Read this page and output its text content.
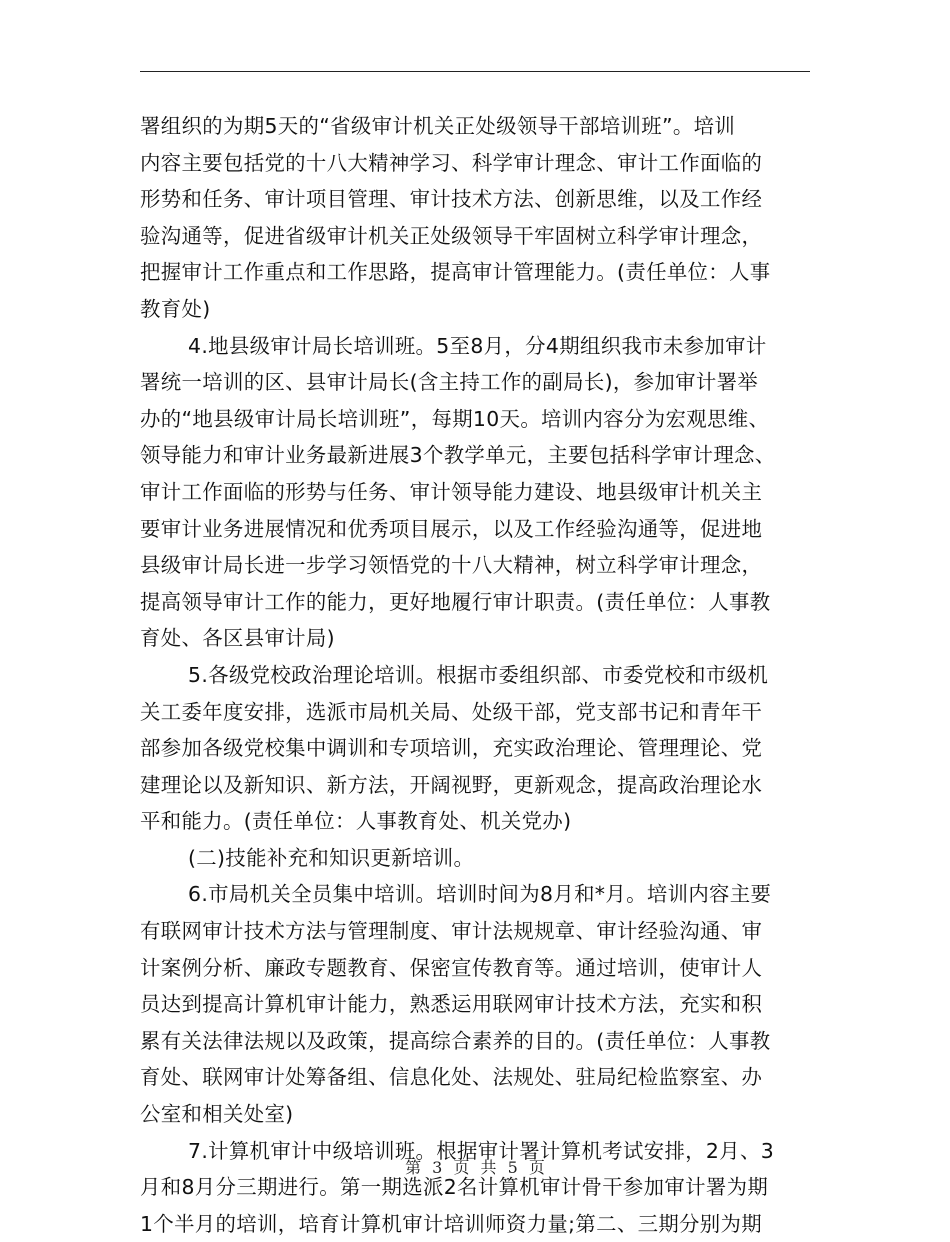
署组织的为期5天的“省级审计机关正处级领导干部培训班”。培训
内容主要包括党的十八大精神学习、科学审计理念、审计工作面临的
形势和任务、审计项目管理、审计技术方法、创新思维，以及工作经
验沟通等，促进省级审计机关正处级领导干牢固树立科学审计理念，
把握审计工作重点和工作思路，提高审计管理能力。(责任单位：人事
教育处)
4.地县级审计局长培训班。5至8月，分4期组织我市未参加审计
署统一培训的区、县审计局长(含主持工作的副局长)，参加审计署举
办的“地县级审计局长培训班”，每期10天。培训内容分为宏观思维、
领导能力和审计业务最新进展3个教学单元，主要包括科学审计理念、
审计工作面临的形势与任务、审计领导能力建设、地县级审计机关主
要审计业务进展情况和优秀项目展示，以及工作经验沟通等，促进地
县级审计局长进一步学习领悟党的十八大精神，树立科学审计理念，
提高领导审计工作的能力，更好地履行审计职责。(责任单位：人事教
育处、各区县审计局)
5.各级党校政治理论培训。根据市委组织部、市委党校和市级机
关工委年度安排，选派市局机关局、处级干部，党支部书记和青年干
部参加各级党校集中调训和专项培训，充实政治理论、管理理论、党
建理论以及新知识、新方法，开阔视野，更新观念，提高政治理论水
平和能力。(责任单位：人事教育处、机关党办)
(二)技能补充和知识更新培训。
6.市局机关全员集中培训。培训时间为8月和*月。培训内容主要
有联网审计技术方法与管理制度、审计法规规章、审计经验沟通、审
计案例分析、廉政专题教育、保密宣传教育等。通过培训，使审计人
员达到提高计算机审计能力，熟悉运用联网审计技术方法，充实和积
累有关法律法规以及政策，提高综合素养的目的。(责任单位：人事教
育处、联网审计处筹备组、信息化处、法规处、驻局纪检监察室、办
公室和相关处室)
7.计算机审计中级培训班。根据审计署计算机考试安排，2月、3
月和8月分三期进行。第一期选派2名计算机审计骨干参加审计署为期
1个半月的培训，培育计算机审计培训师资力量;第二、三期分别为期
第 3 页 共 5 页
